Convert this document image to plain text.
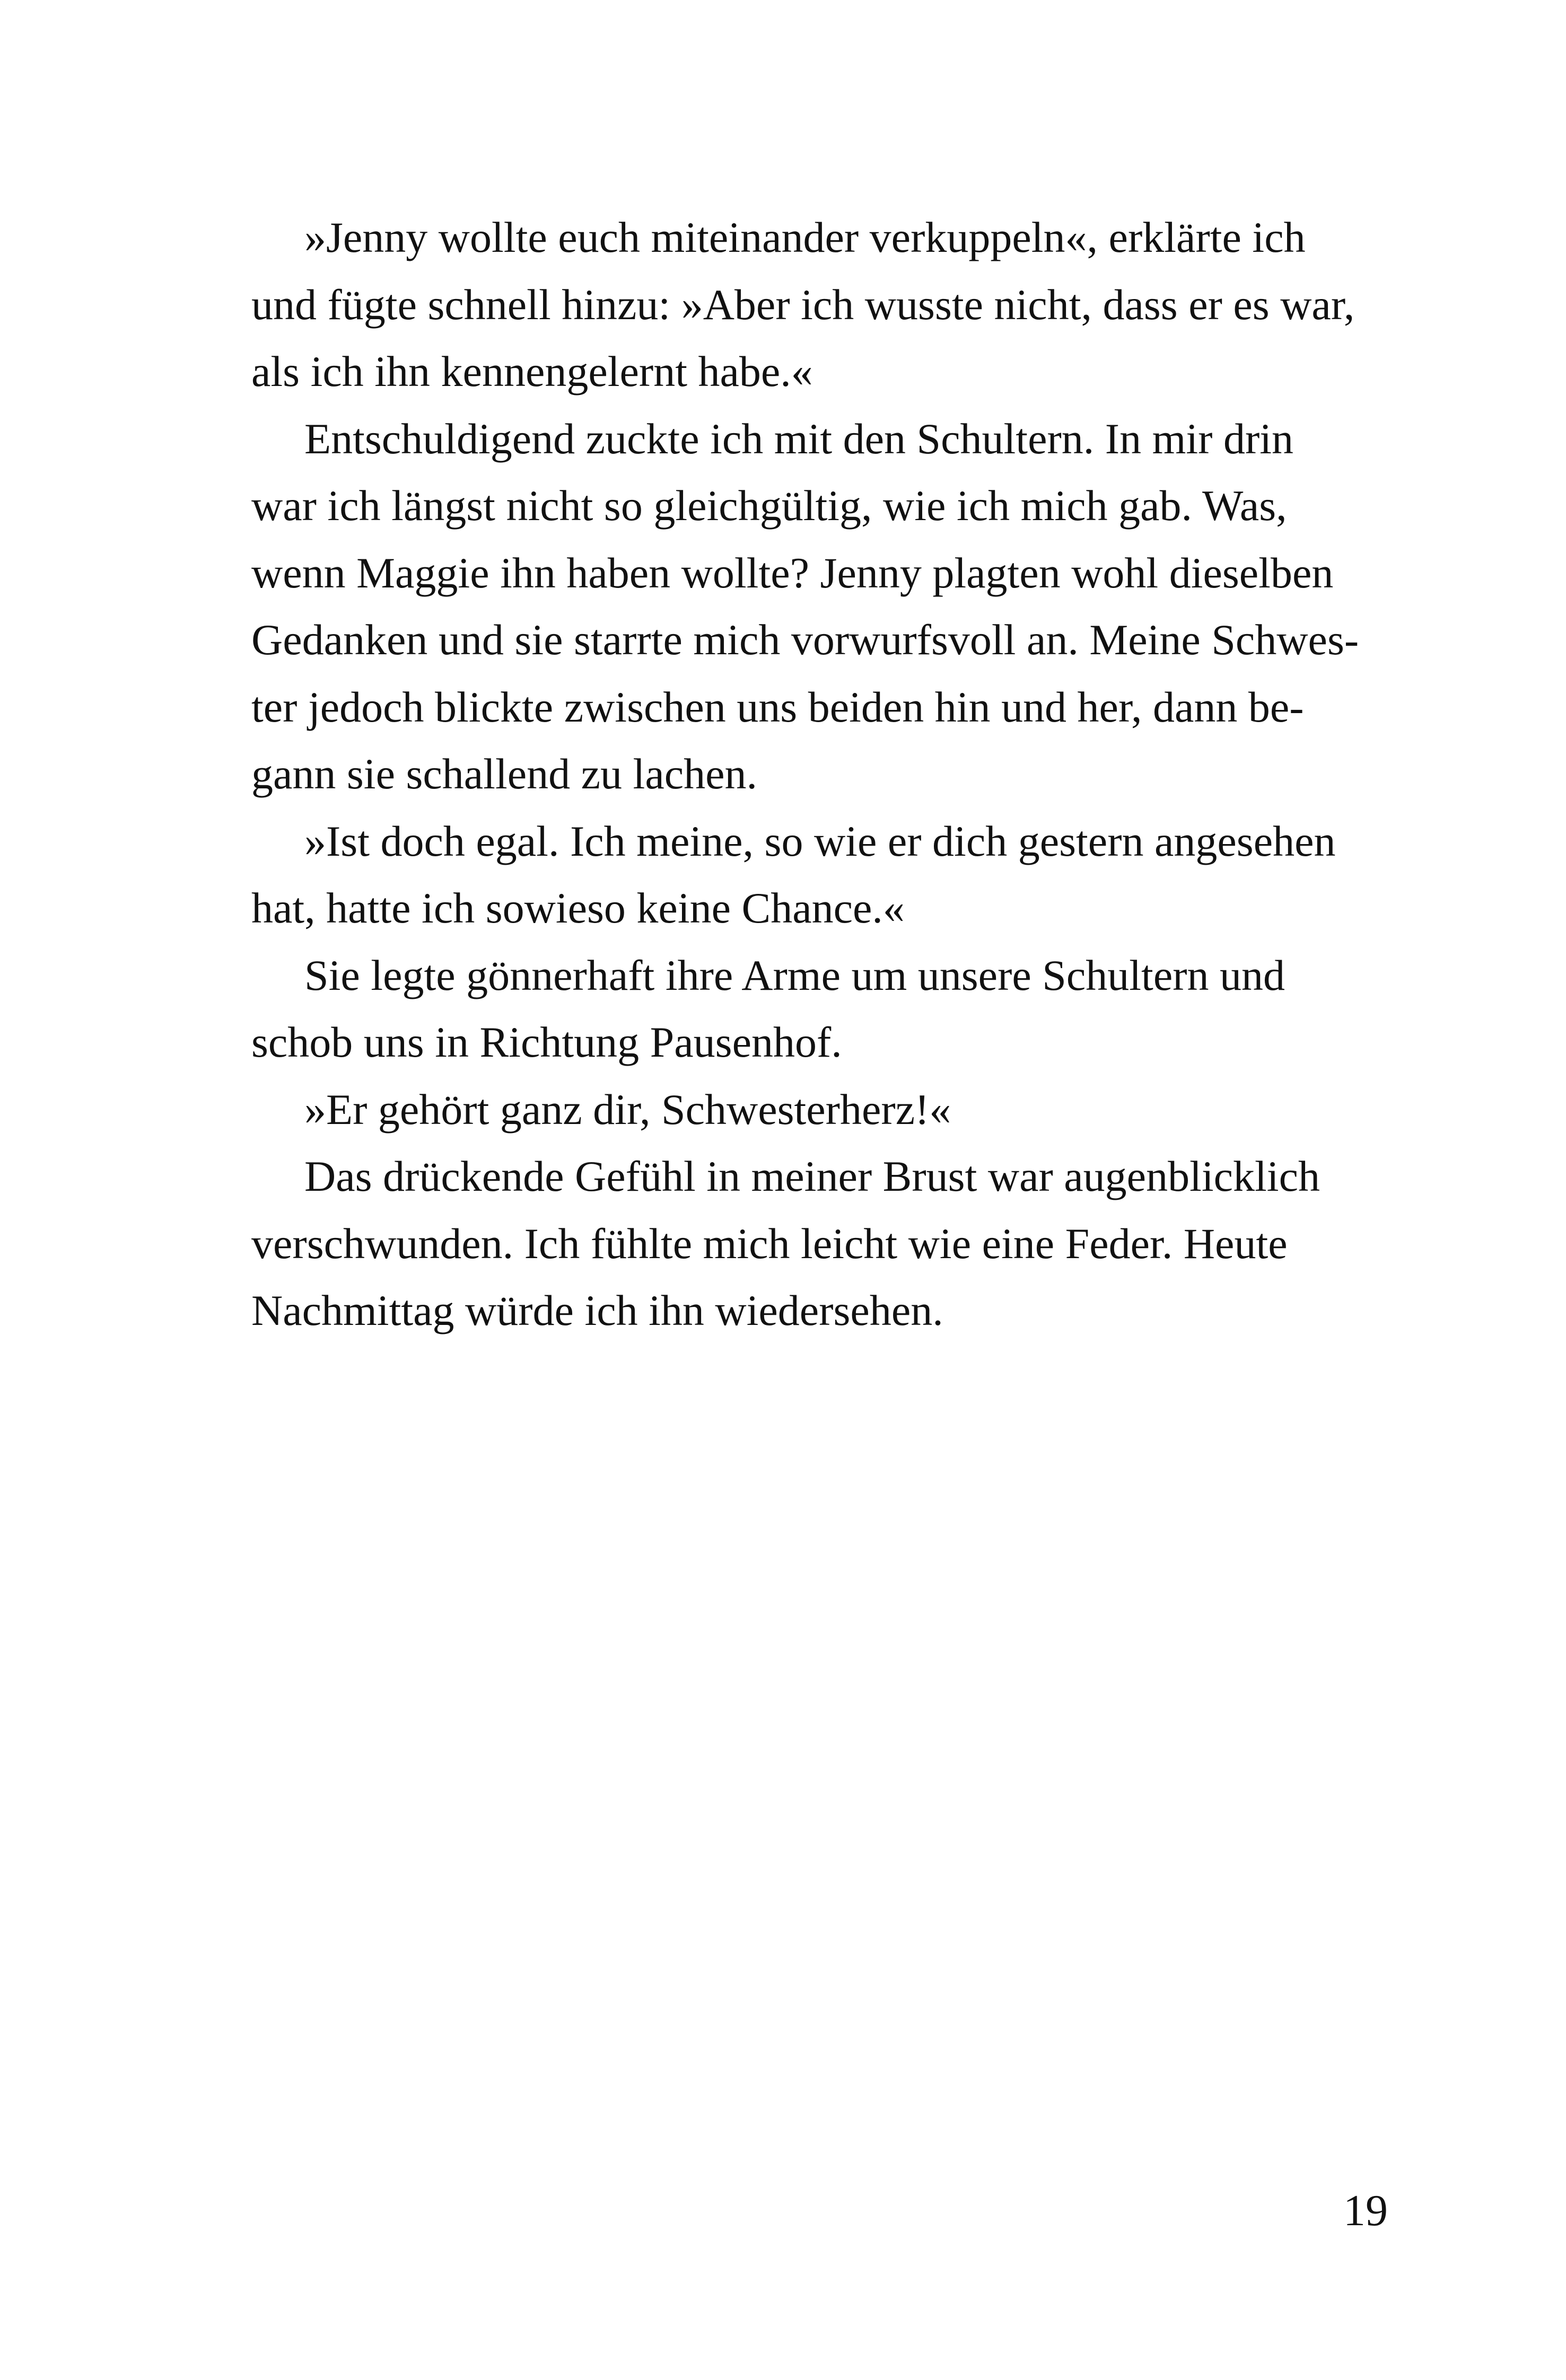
»Jenny wollte euch miteinander verkuppeln«, erklärte ich
und fügte schnell hinzu: »Aber ich wusste nicht, dass er es war,
als ich ihn kennengelernt habe.«
Entschuldigend zuckte ich mit den Schultern. In mir drin
war ich längst nicht so gleichgültig, wie ich mich gab. Was,
wenn Maggie ihn haben wollte? Jenny plagten wohl dieselben
Gedanken und sie starrte mich vorwurfsvoll an. Meine Schwes-
ter jedoch blickte zwischen uns beiden hin und her, dann be-
gann sie schallend zu lachen.
»Ist doch egal. Ich meine, so wie er dich gestern angesehen
hat, hatte ich sowieso keine Chance.«
Sie legte gönnerhaft ihre Arme um unsere Schultern und
schob uns in Richtung Pausenhof.
»Er gehört ganz dir, Schwesterherz!«
Das drückende Gefühl in meiner Brust war augenblicklich
verschwunden. Ich fühlte mich leicht wie eine Feder. Heute
Nachmittag würde ich ihn wiedersehen.
19
